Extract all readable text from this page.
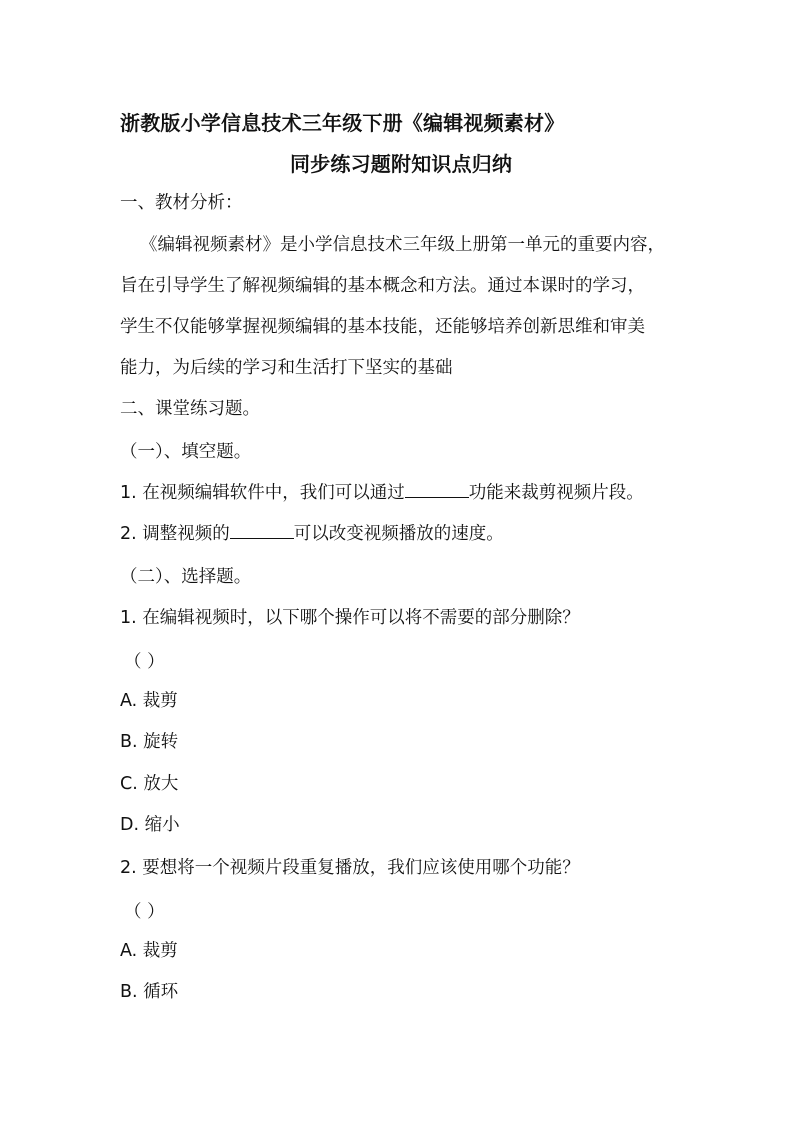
浙教版小学信息技术三年级下册《编辑视频素材》
同步练习题附知识点归纳
一、教材分析：
《编辑视频素材》是小学信息技术三年级上册第一单元的重要内容，
旨在引导学生了解视频编辑的基本概念和方法。通过本课时的学习，
学生不仅能够掌握视频编辑的基本技能，还能够培养创新思维和审美
能力，为后续的学习和生活打下坚实的基础
二、课堂练习题。
（一）、填空题。
1. 在视频编辑软件中，我们可以通过	功能来裁剪视频片段。
2. 调整视频的	可以改变视频播放的速度。
（二）、选择题。
1. 在编辑视频时，以下哪个操作可以将不需要的部分删除？
（ ）
A. 裁剪
B. 旋转
C. 放大
D. 缩小
2. 要想将一个视频片段重复播放，我们应该使用哪个功能？
（ ）
A. 裁剪
B. 循环
